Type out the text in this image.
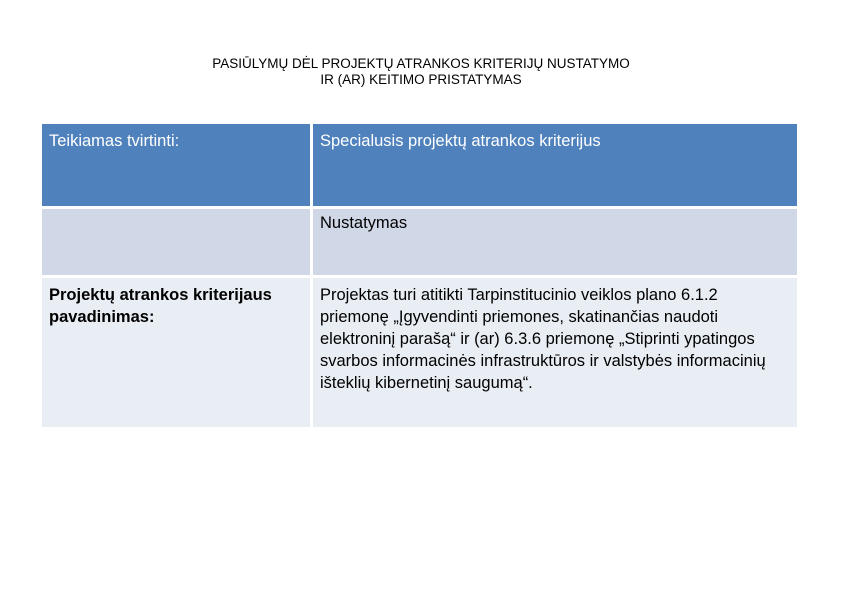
PASIŪLYMŲ DĖL PROJEKTŲ ATRANKOS KRITERIJŲ NUSTATYMO
IR (AR) KEITIMO PRISTATYMAS
Teikiamas tvirtinti:	Specialusis projektų atrankos kriterijus

	Nustatymas

Projektų atrankos kriterijaus pavadinimas:	Projektas turi atitikti Tarpinstitucinio veiklos plano 6.1.2 priemonę „Įgyvendinti priemones, skatinančias naudoti elektroninį parašą“ ir (ar) 6.3.6 priemonę „Stiprinti ypatingos svarbos informacinės infrastruktūros ir valstybės informacinių išteklių kibernetinį saugumą“.
